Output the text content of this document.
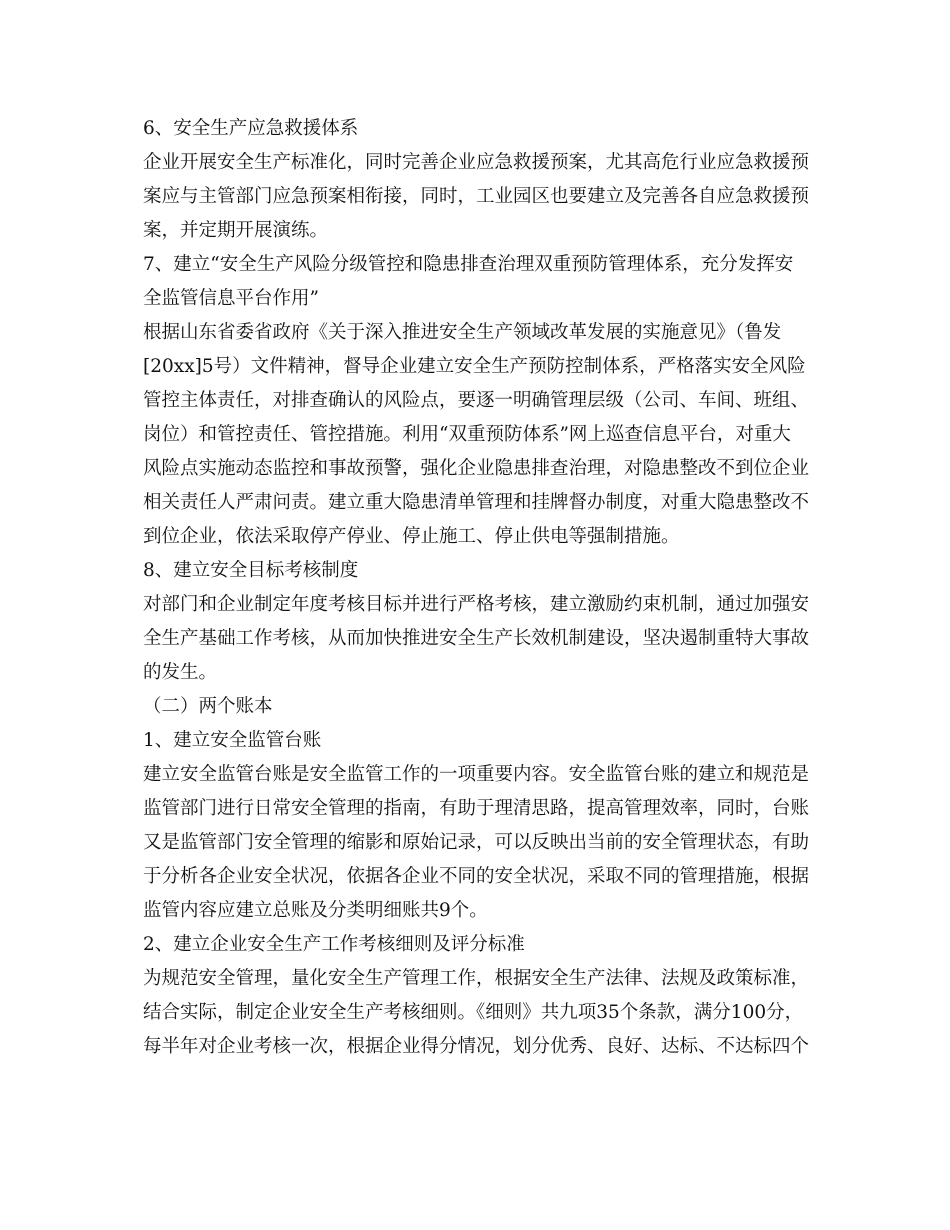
6、安全生产应急救援体系
企业开展安全生产标准化，同时完善企业应急救援预案，尤其高危行业应急救援预
案应与主管部门应急预案相衔接，同时，工业园区也要建立及完善各自应急救援预
案，并定期开展演练。
7、建立“安全生产风险分级管控和隐患排查治理双重预防管理体系，充分发挥安
全监管信息平台作用”
根据山东省委省政府《关于深入推进安全生产领域改革发展的实施意见》（鲁发
[20xx]5号）文件精神，督导企业建立安全生产预防控制体系，严格落实安全风险
管控主体责任，对排查确认的风险点，要逐一明确管理层级（公司、车间、班组、
岗位）和管控责任、管控措施。利用“双重预防体系”网上巡查信息平台，对重大
风险点实施动态监控和事故预警，强化企业隐患排查治理，对隐患整改不到位企业
相关责任人严肃问责。建立重大隐患清单管理和挂牌督办制度，对重大隐患整改不
到位企业，依法采取停产停业、停止施工、停止供电等强制措施。
8、建立安全目标考核制度
对部门和企业制定年度考核目标并进行严格考核，建立激励约束机制，通过加强安
全生产基础工作考核，从而加快推进安全生产长效机制建设，坚决遏制重特大事故
的发生。
（二）两个账本
1、建立安全监管台账
建立安全监管台账是安全监管工作的一项重要内容。安全监管台账的建立和规范是
监管部门进行日常安全管理的指南，有助于理清思路，提高管理效率，同时，台账
又是监管部门安全管理的缩影和原始记录，可以反映出当前的安全管理状态，有助
于分析各企业安全状况，依据各企业不同的安全状况，采取不同的管理措施，根据
监管内容应建立总账及分类明细账共9个。
2、建立企业安全生产工作考核细则及评分标准
为规范安全管理，量化安全生产管理工作，根据安全生产法律、法规及政策标准，
结合实际，制定企业安全生产考核细则。《细则》共九项35个条款，满分100分，
每半年对企业考核一次，根据企业得分情况，划分优秀、良好、达标、不达标四个
